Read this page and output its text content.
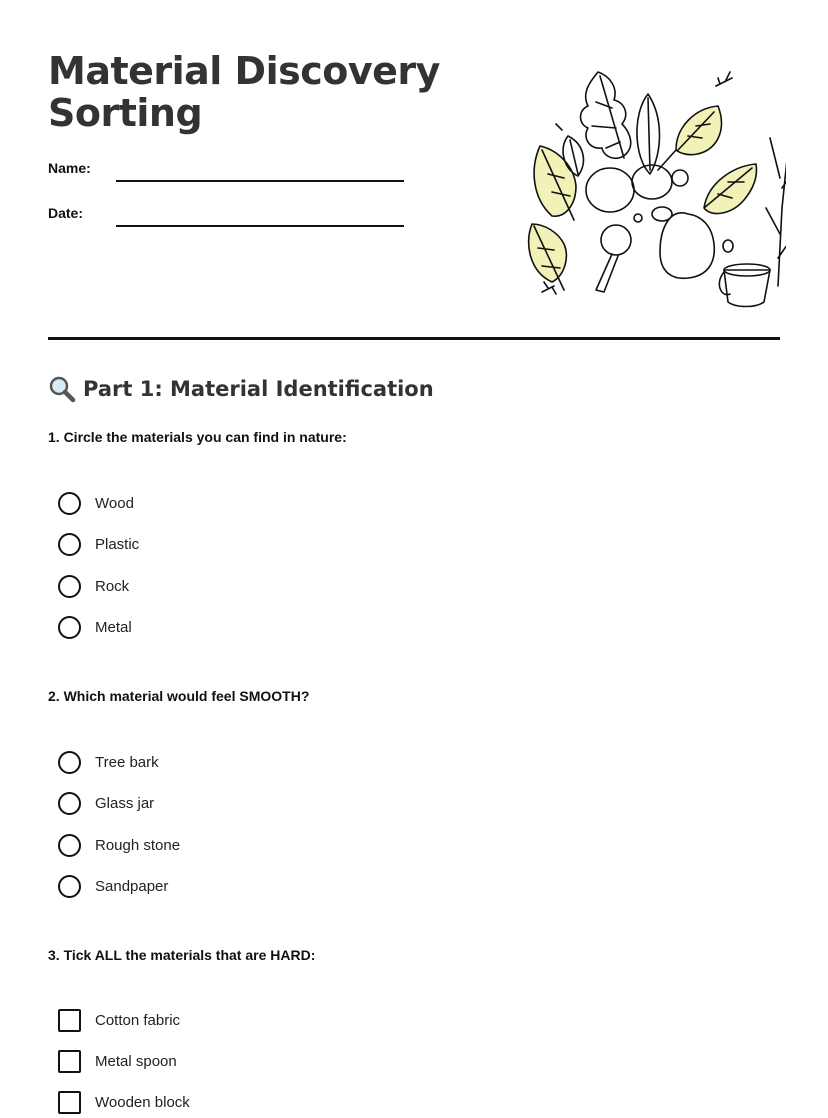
Material Discovery
Sorting
Name:
Date:
Part 1: Material Identification
1. Circle the materials you can find in nature:
Wood
Plastic
Rock
Metal
2. Which material would feel SMOOTH?
Tree bark
Glass jar
Rough stone
Sandpaper
3. Tick ALL the materials that are HARD:
Cotton fabric
Metal spoon
Wooden block
